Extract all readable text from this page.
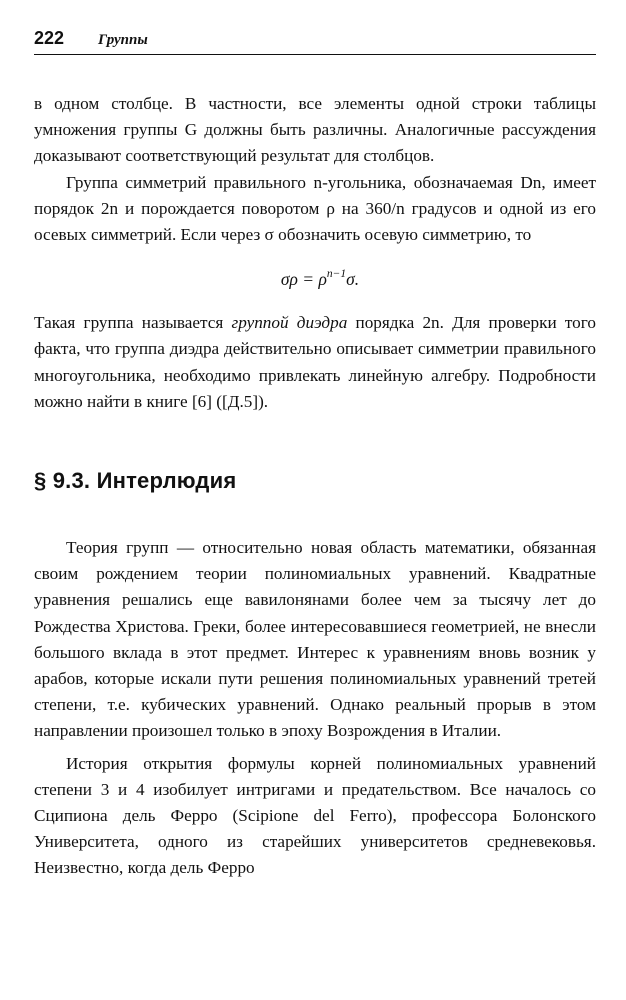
222 Группы

в одном столбце. В частности, все элементы одной строки таблицы умножения группы G должны быть различны. Аналогичные рассуждения доказывают соответствующий результат для столбцов.

Группа симметрий правильного n-угольника, обозначаемая Dn, имеет порядок 2n и порождается поворотом ρ на 360/n градусов и одной из его осевых симметрий. Если через σ обозначить осевую симметрию, то

$\sigma\rho = \rho^{n-1}\sigma$.

Такая группа называется группой диэдра порядка 2n. Для проверки того факта, что группа диэдра действительно описывает симметрии правильного многоугольника, необходимо привлекать линейную алгебру. Подробности можно найти в книге [6] ([Д.5]).

§ 9.3. Интерлюдия

Теория групп — относительно новая область математики, обязанная своим рождением теории полиномиальных уравнений. Квадратные уравнения решались еще вавилонянами более чем за тысячу лет до Рождества Христова. Греки, более интересовавшиеся геометрией, не внесли большого вклада в этот предмет. Интерес к уравнениям вновь возник у арабов, которые искали пути решения полиномиальных уравнений третей степени, т.е. кубических уравнений. Однако реальный прорыв в этом направлении произошел только в эпоху Возрождения в Италии.

История открытия формулы корней полиномиальных уравнений степени 3 и 4 изобилует интригами и предательством. Все началось со Сципиона дель Ферро (Scipione del Ferro), профессора Болонского Университета, одного из старейших университетов средневековья. Неизвестно, когда дель Ферро
